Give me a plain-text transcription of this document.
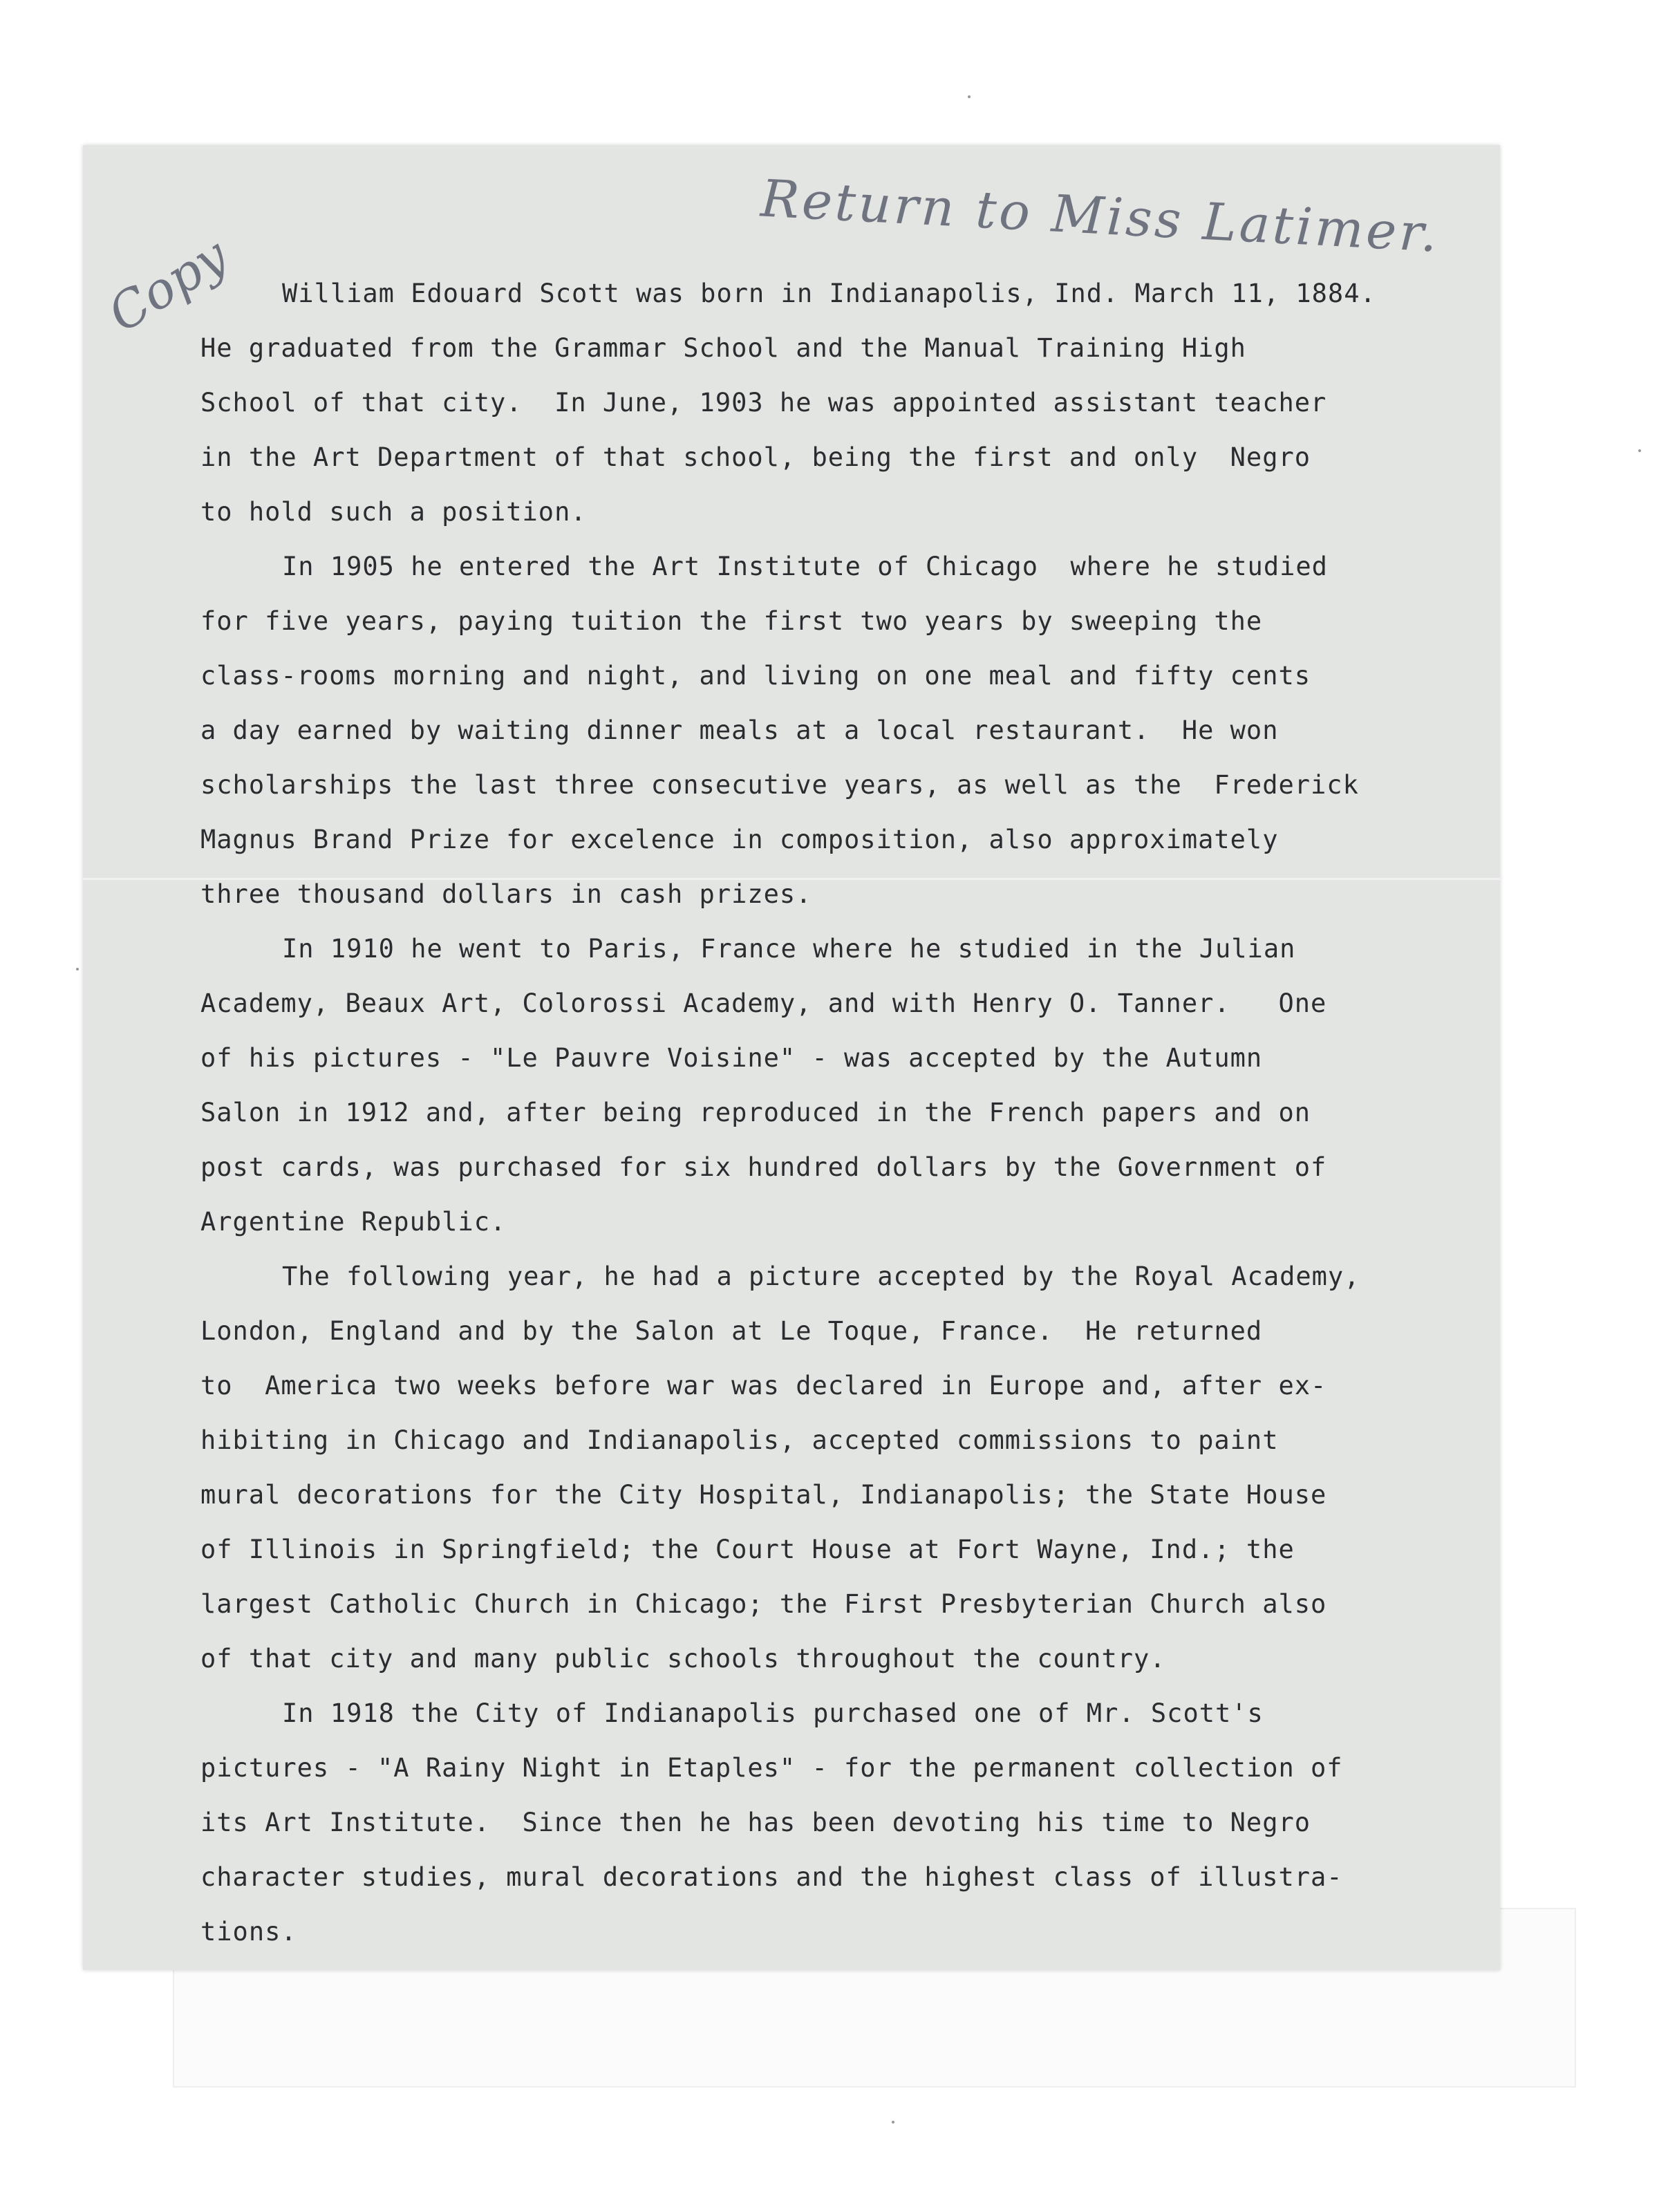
Return to Miss Latimer.
Copy	William Edouard Scott was born in Indianapolis, Ind. March 11, 1884.
He graduated from the Grammar School and the Manual Training High
School of that city.  In June, 1903 he was appointed assistant teacher
in the Art Department of that school, being the first and only  Negro
to hold such a position.
In 1905 he entered the Art Institute of Chicago  where he studied
for five years, paying tuition the first two years by sweeping the
class-rooms morning and night, and living on one meal and fifty cents
a day earned by waiting dinner meals at a local restaurant.  He won
scholarships the last three consecutive years, as well as the  Frederick
Magnus Brand Prize for excelence in composition, also approximately
three thousand dollars in cash prizes.
In 1910 he went to Paris, France where he studied in the Julian
Academy, Beaux Art, Colorossi Academy, and with Henry O. Tanner.   One
of his pictures - "Le Pauvre Voisine" - was accepted by the Autumn
Salon in 1912 and, after being reproduced in the French papers and on
post cards, was purchased for six hundred dollars by the Government of
Argentine Republic.
The following year, he had a picture accepted by the Royal Academy,
London, England and by the Salon at Le Toque, France.  He returned
to  America two weeks before war was declared in Europe and, after ex-
hibiting in Chicago and Indianapolis, accepted commissions to paint
mural decorations for the City Hospital, Indianapolis; the State House
of Illinois in Springfield; the Court House at Fort Wayne, Ind.; the
largest Catholic Church in Chicago; the First Presbyterian Church also
of that city and many public schools throughout the country.
In 1918 the City of Indianapolis purchased one of Mr. Scott's
pictures - "A Rainy Night in Etaples" - for the permanent collection of
its Art Institute.  Since then he has been devoting his time to Negro
character studies, mural decorations and the highest class of illustra-
tions.
